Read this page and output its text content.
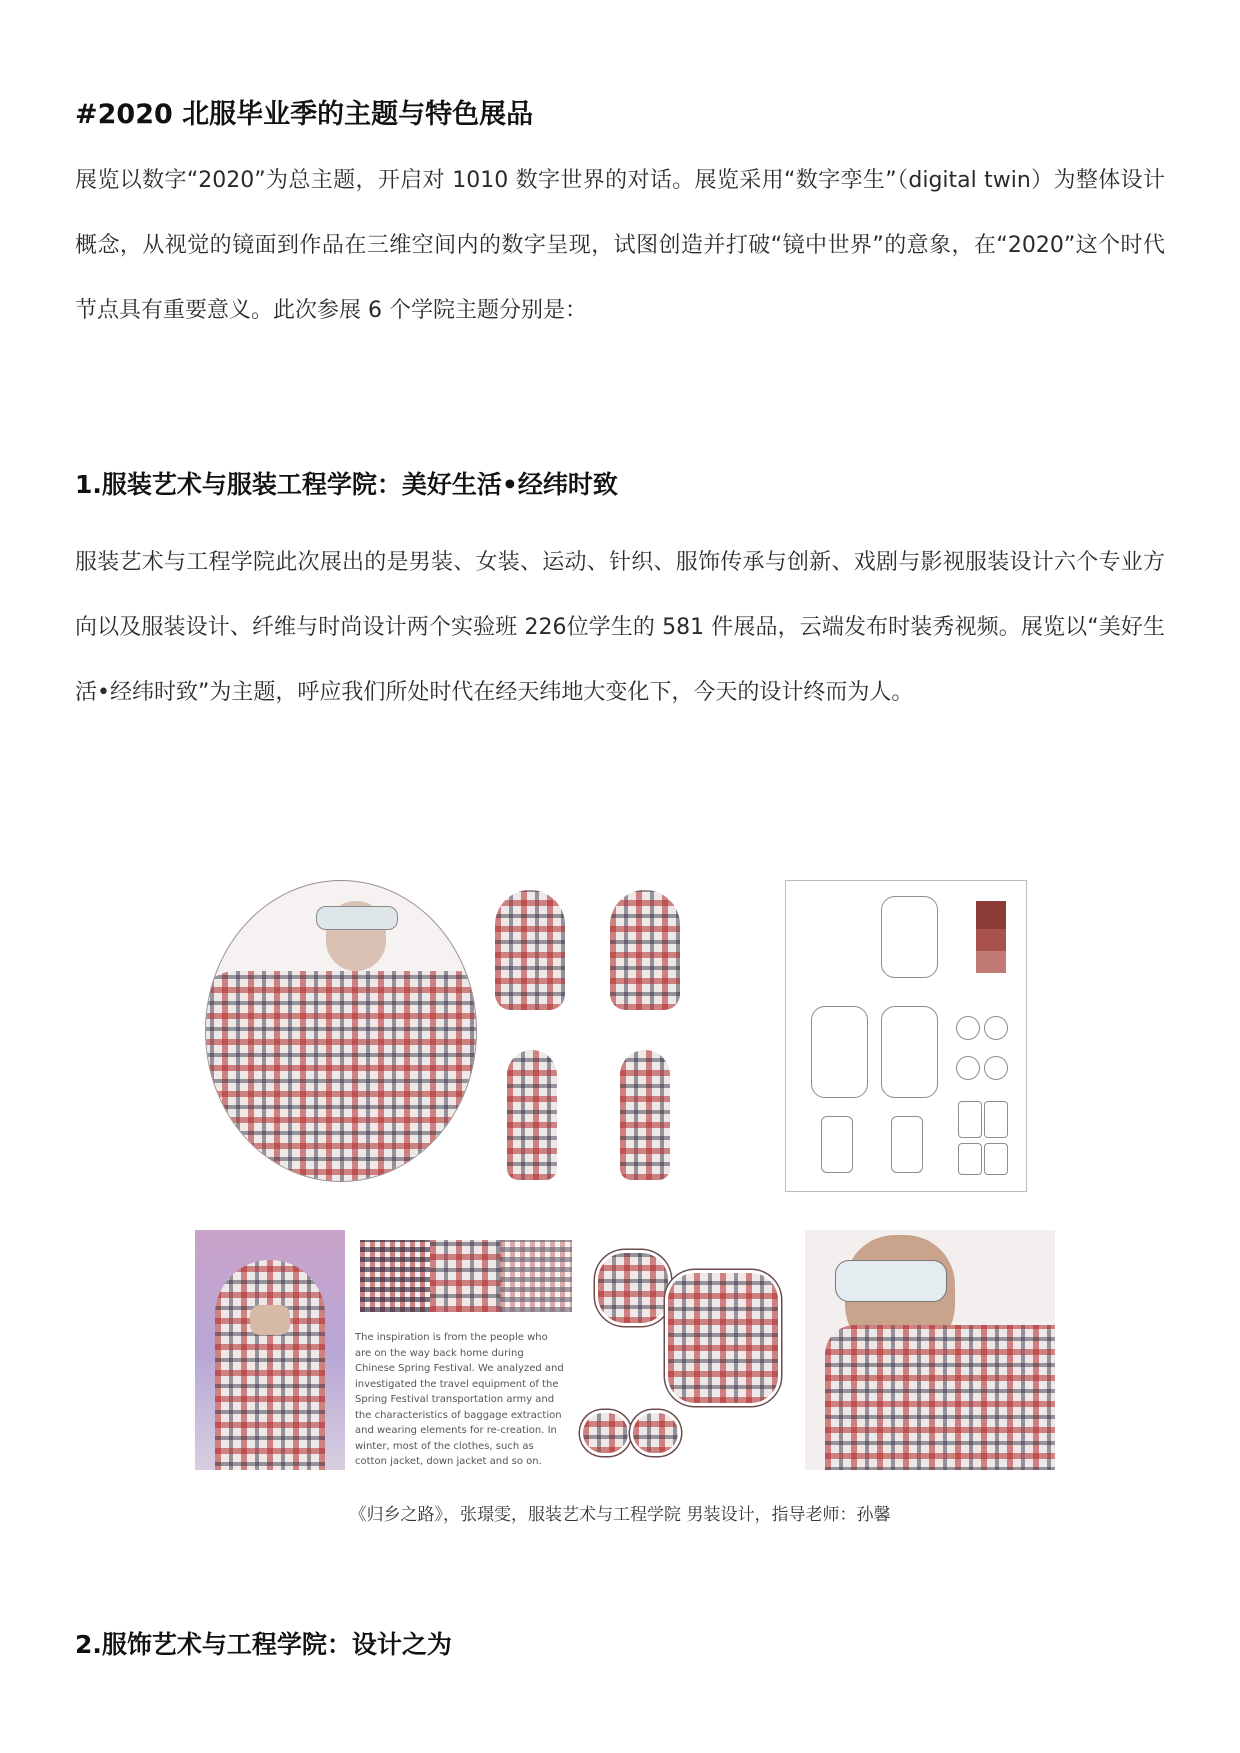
#2020 北服毕业季的主题与特色展品

展览以数字“2020”为总主题，开启对 1010 数字世界的对话。展览采用“数字孪生”（digital twin）为整体设计概念，从视觉的镜面到作品在三维空间内的数字呈现，试图创造并打破“镜中世界”的意象，在“2020”这个时代节点具有重要意义。此次参展 6 个学院主题分别是：

1.服装艺术与服装工程学院：美好生活•经纬时致

服装艺术与工程学院此次展出的是男装、女装、运动、针织、服饰传承与创新、戏剧与影视服装设计六个专业方向以及服装设计、纤维与时尚设计两个实验班 226位学生的 581 件展品，云端发布时装秀视频。展览以“美好生活•经纬时致”为主题，呼应我们所处时代在经天纬地大变化下，今天的设计终而为人。

The inspiration is from the people who are on the way back home during Chinese Spring Festival. We analyzed and investigated the travel equipment of the Spring Festival transportation army and the characteristics of baggage extraction and wearing elements for re-creation. In winter, most of the clothes, such as cotton jacket, down jacket and so on.
《归乡之路》，张璟雯，服装艺术与工程学院 男装设计，指导老师：孙馨
2.服饰艺术与工程学院：设计之为
